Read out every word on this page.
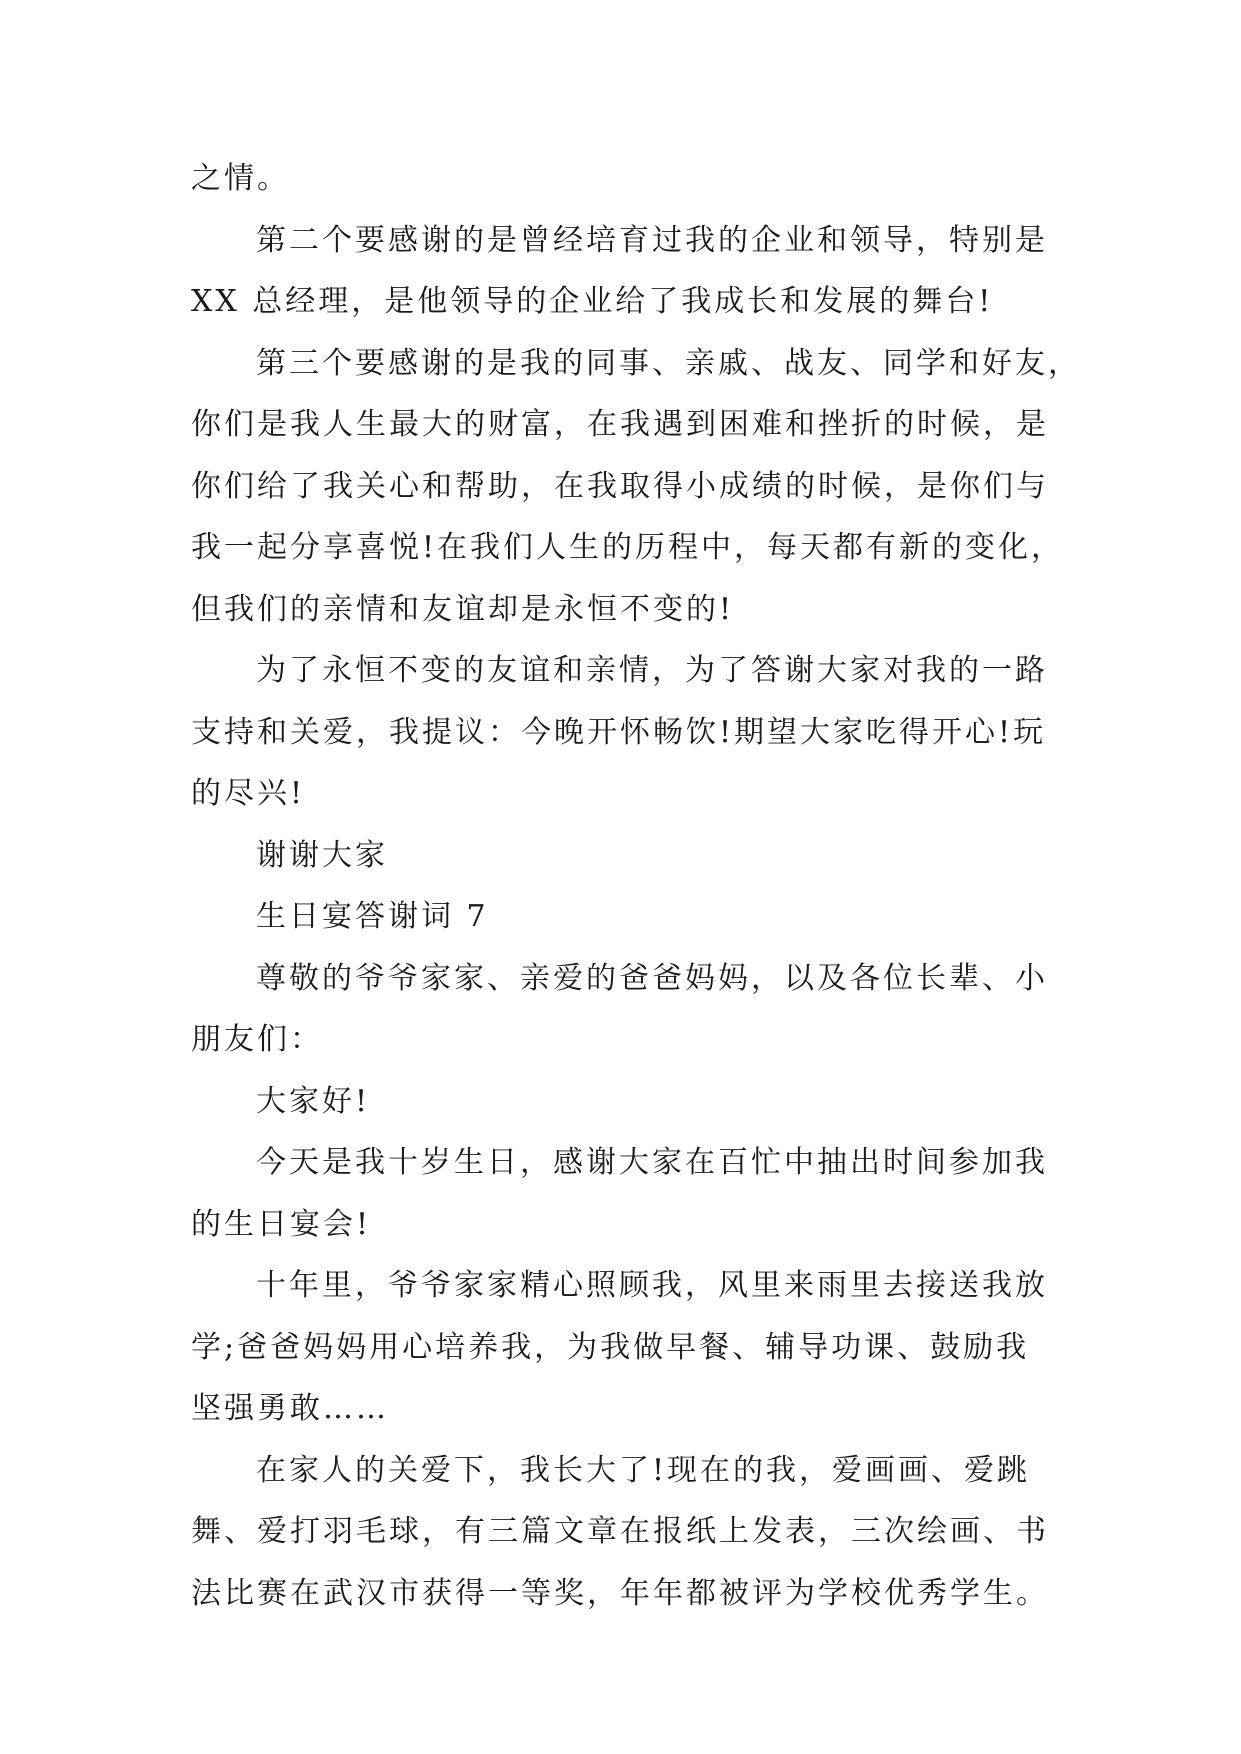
之情。
第二个要感谢的是曾经培育过我的企业和领导，特别是
XX 总经理，是他领导的企业给了我成长和发展的舞台!
第三个要感谢的是我的同事、亲戚、战友、同学和好友，
你们是我人生最大的财富，在我遇到困难和挫折的时候，是
你们给了我关心和帮助，在我取得小成绩的时候，是你们与
我一起分享喜悦!在我们人生的历程中，每天都有新的变化，
但我们的亲情和友谊却是永恒不变的!
为了永恒不变的友谊和亲情，为了答谢大家对我的一路
支持和关爱，我提议：今晚开怀畅饮!期望大家吃得开心!玩
的尽兴!
谢谢大家
生日宴答谢词 7
尊敬的爷爷家家、亲爱的爸爸妈妈，以及各位长辈、小
朋友们：
大家好!
今天是我十岁生日，感谢大家在百忙中抽出时间参加我
的生日宴会!
十年里，爷爷家家精心照顾我，风里来雨里去接送我放
学;爸爸妈妈用心培养我，为我做早餐、辅导功课、鼓励我
坚强勇敢……
在家人的关爱下，我长大了!现在的我，爱画画、爱跳
舞、爱打羽毛球，有三篇文章在报纸上发表，三次绘画、书
法比赛在武汉市获得一等奖，年年都被评为学校优秀学生。
